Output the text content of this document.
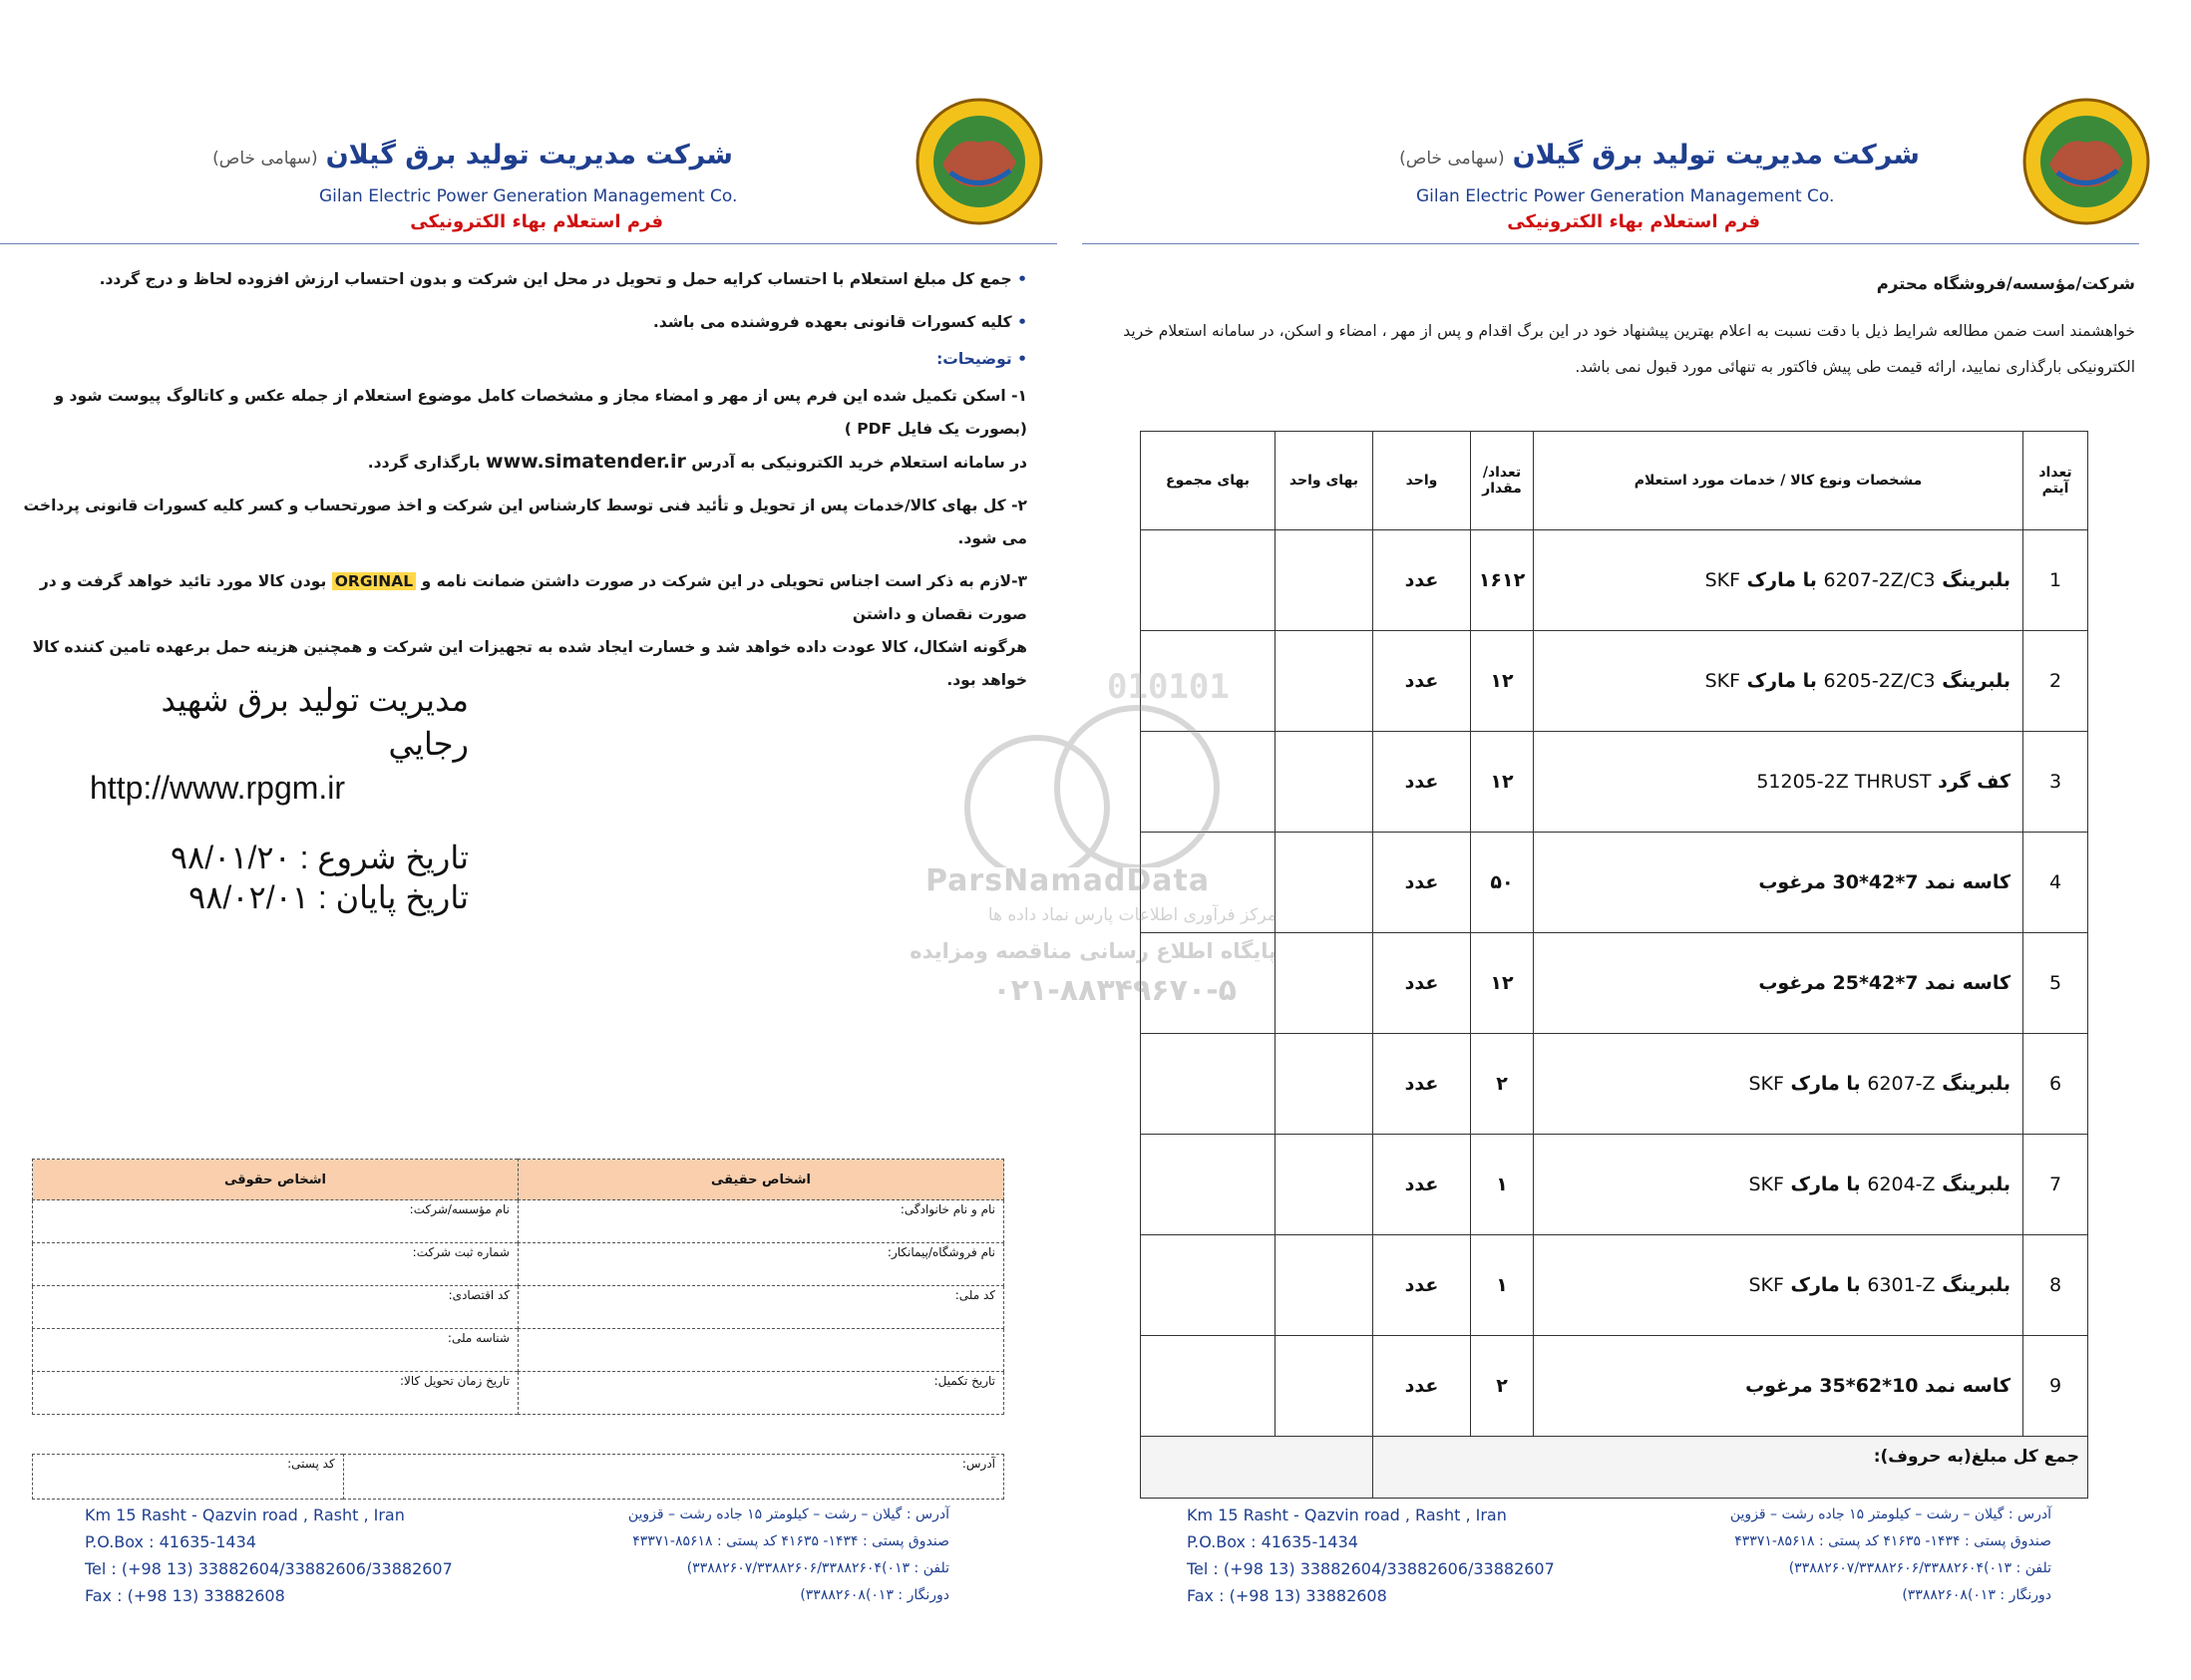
شرکت مدیریت تولید برق گیلان(سهامی خاص)
Gilan Electric Power Generation Management Co.
فرم استعلام بهاء الکترونیکی
شرکت مدیریت تولید برق گیلان(سهامی خاص)
Gilan Electric Power Generation Management Co.
فرم استعلام بهاء الکترونیکی
• جمع کل مبلغ استعلام با احتساب کرایه حمل و تحویل در محل این شرکت و بدون احتساب ارزش افزوده لحاظ و درج گردد.
• کلیه کسورات قانونی بعهده فروشنده می باشد.
• توضیحات:
۱- اسکن تکمیل شده این فرم پس از مهر و امضاء مجاز و مشخصات کامل موضوع استعلام از جمله عکس و کاتالوگ پیوست شود و (بصورت یک فایل PDF )
در سامانه استعلام خرید الکترونیکی به آدرس www.simatender.ir بارگذاری گردد.
۲- کل بهای کالا/خدمات پس از تحویل و تأئید فنی توسط کارشناس این شرکت و اخذ صورتحساب و کسر کلیه کسورات قانونی پرداخت می شود.
۳-لازم به ذکر است اجناس تحویلی در این شرکت در صورت داشتن ضمانت نامه و ORGINAL بودن کالا مورد تائید خواهد گرفت و در صورت نقصان و داشتن
هرگونه اشکال، کالا عودت داده خواهد شد و خسارت ایجاد شده به تجهیزات این شرکت و همچنین هزینه حمل برعهده تامین کننده کالا خواهد بود.
مديريت توليد برق شهيد رجايي
http://www.rpgm.ir
تاريخ شروع : ۹۸/۰۱/۲۰
تاريخ پايان : ۹۸/۰۲/۰۱
اشخاص حقیقی	اشخاص حقوقی
نام و نام خانوادگی:	نام مؤسسه/شرکت:
نام فروشگاه/پیمانکار:	شماره ثبت شرکت:
کد ملی:	کد اقتصادی:
	شناسه ملی:
تاریخ تکمیل:	تاریخ زمان تحویل کالا:
آدرس:	کد پستی:
شرکت/مؤسسه/فروشگاه محترم
خواهشمند است ضمن مطالعه شرایط ذیل با دقت نسبت به اعلام بهترین پیشنهاد خود در این برگ اقدام و پس از مهر ، امضاء و اسکن، در سامانه استعلام خرید
الکترونیکی بارگذاری نمایید، ارائه قیمت طی پیش فاکتور به تنهائی مورد قبول نمی باشد.
تعداد آیتم	مشخصات ونوع کالا / خدمات مورد استعلام	تعداد/ مقدار	واحد	بهای واحد	بهای مجموع
1	بلبرینگ 6207-2Z/C3 با مارک SKF	۱۶۱۲	عدد		
2	بلبرینگ 6205-2Z/C3 با مارک SKF	۱۲	عدد		
3	کف گرد 51205-2Z THRUST	۱۲	عدد		
4	کاسه نمد 7*42*30 مرغوب	۵۰	عدد		
5	کاسه نمد 7*42*25 مرغوب	۱۲	عدد		
6	بلبرینگ 6207-Z با مارک SKF	۲	عدد		
7	بلبرینگ 6204-Z با مارک SKF	۱	عدد		
8	بلبرینگ 6301-Z با مارک SKF	۱	عدد		
9	کاسه نمد 10*62*35 مرغوب	۲	عدد		
جمع کل مبلغ(به حروف):					
010101
ParsNamadData
مرکز فرآوری اطلاعات پارس نماد داده ها
پایگاه اطلاع رسانی مناقصه ومزایده
۰۲۱-۸۸۳۴۹۶۷۰-۵
Km 15 Rasht - Qazvin road , Rasht , Iran
P.O.Box : 41635-1434
Tel : (+98 13) 33882604/33882606/33882607
Fax : (+98 13) 33882608
آدرس : گیلان – رشت – کیلومتر ۱۵ جاده رشت – قزوین
صندوق پستی : ۱۴۳۴- ۴۱۶۳۵ کد پستی : ۸۵۶۱۸-۴۳۳۷۱
تلفن : ۰۱۳)۳۳۸۸۲۶۰۷/۳۳۸۸۲۶۰۶/۳۳۸۸۲۶۰۴)
دورنگار : ۰۱۳)۳۳۸۸۲۶۰۸)
Km 15 Rasht - Qazvin road , Rasht , Iran
P.O.Box : 41635-1434
Tel : (+98 13) 33882604/33882606/33882607
Fax : (+98 13) 33882608
آدرس : گیلان – رشت – کیلومتر ۱۵ جاده رشت – قزوین
صندوق پستی : ۱۴۳۴- ۴۱۶۳۵ کد پستی : ۸۵۶۱۸-۴۳۳۷۱
تلفن : ۰۱۳)۳۳۸۸۲۶۰۷/۳۳۸۸۲۶۰۶/۳۳۸۸۲۶۰۴)
دورنگار : ۰۱۳)۳۳۸۸۲۶۰۸)
